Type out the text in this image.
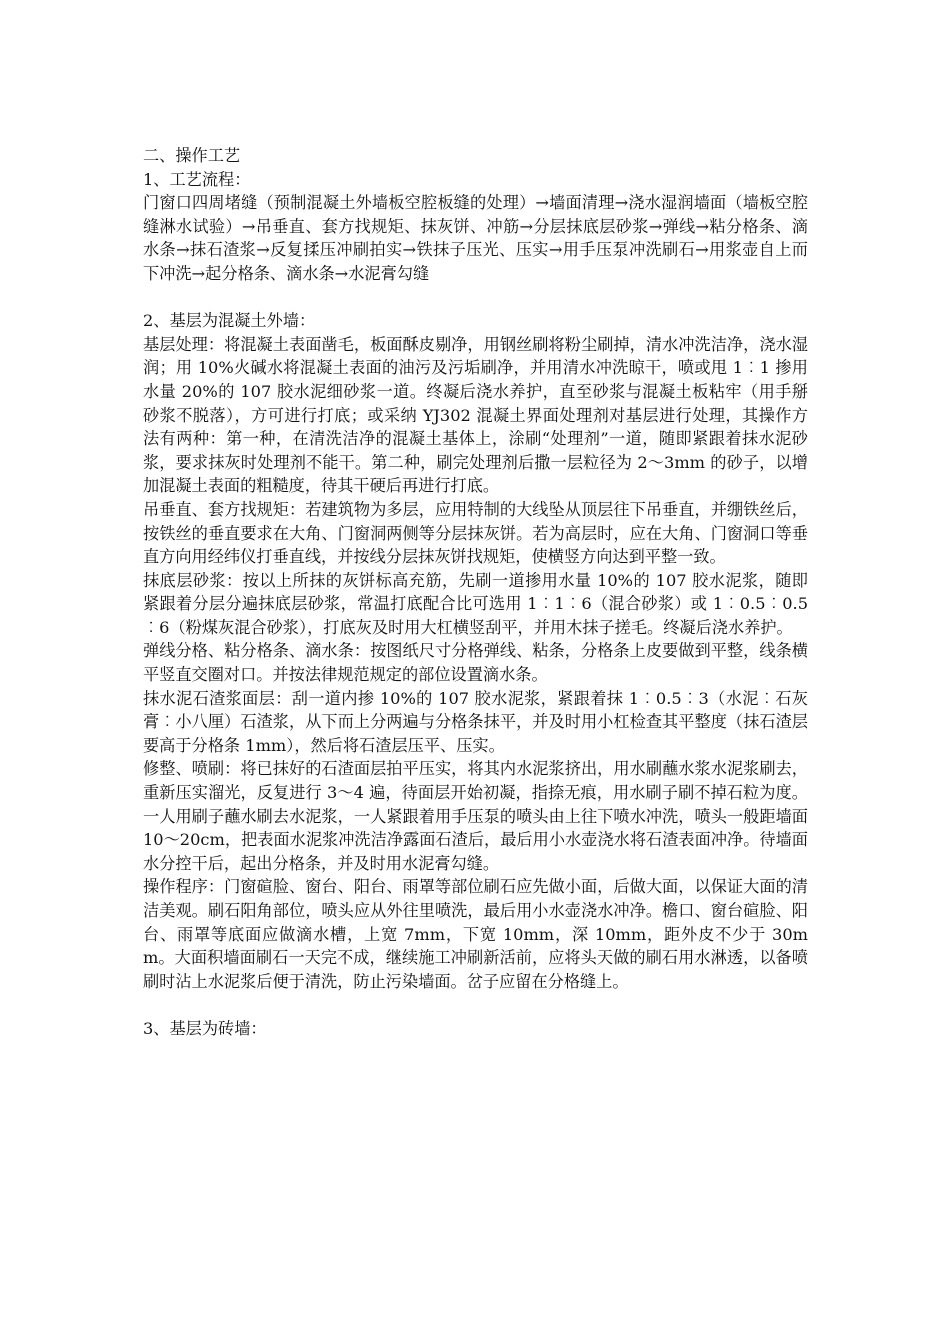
二、操作工艺

1、工艺流程：

门窗口四周堵缝（预制混凝土外墙板空腔板缝的处理）→墙面清理→浇水湿润墙面（墙板空腔缝淋水试验）→吊垂直、套方找规矩、抹灰饼、冲筋→分层抹底层砂浆→弹线→粘分格条、滴水条→抹石渣浆→反复揉压冲刷拍实→铁抹子压光、压实→用手压泵冲洗刷石→用浆壶自上而下冲洗→起分格条、滴水条→水泥膏勾缝

2、基层为混凝土外墙：

基层处理：将混凝土表面凿毛，板面酥皮剔净，用钢丝刷将粉尘刷掉，清水冲洗洁净，浇水湿润；用 10%火碱水将混凝土表面的油污及污垢刷净，并用清水冲洗晾干，喷或甩 1︰1 掺用水量 20%的 107 胶水泥细砂浆一道。终凝后浇水养护，直至砂浆与混凝土板粘牢（用手掰砂浆不脱落），方可进行打底；或采纳 YJ302 混凝土界面处理剂对基层进行处理，其操作方法有两种：第一种，在清洗洁净的混凝土基体上，涂刷“处理剂”一道，随即紧跟着抹水泥砂浆，要求抹灰时处理剂不能干。第二种，刷完处理剂后撒一层粒径为 2～3mm 的砂子，以增加混凝土表面的粗糙度，待其干硬后再进行打底。

吊垂直、套方找规矩：若建筑物为多层，应用特制的大线坠从顶层往下吊垂直，并绷铁丝后，按铁丝的垂直要求在大角、门窗洞两侧等分层抹灰饼。若为高层时，应在大角、门窗洞口等垂直方向用经纬仪打垂直线，并按线分层抹灰饼找规矩，使横竖方向达到平整一致。

抹底层砂浆：按以上所抹的灰饼标高充筋，先刷一道掺用水量 10%的 107 胶水泥浆，随即紧跟着分层分遍抹底层砂浆，常温打底配合比可选用 1︰1︰6（混合砂浆）或 1︰0.5︰0.5︰6（粉煤灰混合砂浆），打底灰及时用大杠横竖刮平，并用木抹子搓毛。终凝后浇水养护。

弹线分格、粘分格条、滴水条：按图纸尺寸分格弹线、粘条，分格条上皮要做到平整，线条横平竖直交圈对口。并按法律规范规定的部位设置滴水条。

抹水泥石渣浆面层：刮一道内掺 10%的 107 胶水泥浆，紧跟着抹 1︰0.5︰3（水泥︰石灰膏︰小八厘）石渣浆，从下而上分两遍与分格条抹平，并及时用小杠检查其平整度（抹石渣层要高于分格条 1mm），然后将石渣层压平、压实。

修整、喷刷：将已抹好的石渣面层拍平压实，将其内水泥浆挤出，用水刷蘸水浆水泥浆刷去，重新压实溜光，反复进行 3～4 遍，待面层开始初凝，指捺无痕，用水刷子刷不掉石粒为度。一人用刷子蘸水刷去水泥浆，一人紧跟着用手压泵的喷头由上往下喷水冲洗，喷头一般距墙面 10～20cm，把表面水泥浆冲洗洁净露面石渣后，最后用小水壶浇水将石渣表面冲净。待墙面水分控干后，起出分格条，并及时用水泥膏勾缝。

操作程序：门窗碹脸、窗台、阳台、雨罩等部位刷石应先做小面，后做大面，以保证大面的清洁美观。刷石阳角部位，喷头应从外往里喷洗，最后用小水壶浇水冲净。檐口、窗台碹脸、阳台、雨罩等底面应做滴水槽，上宽 7mm，下宽 10mm，深 10mm，距外皮不少于 30mm。大面积墙面刷石一天完不成，继续施工冲刷新活前，应将头天做的刷石用水淋透，以备喷刷时沾上水泥浆后便于清洗，防止污染墙面。岔子应留在分格缝上。

3、基层为砖墙：
